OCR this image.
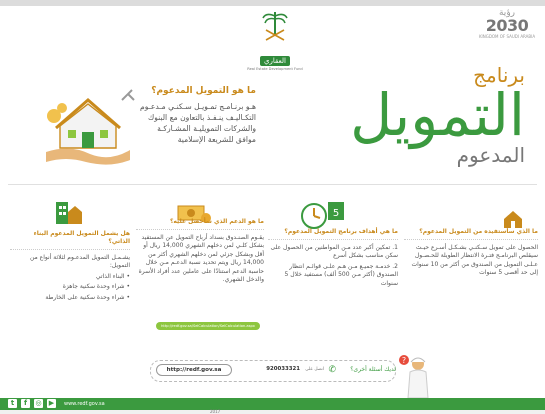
رؤية
2030
KINGDOM OF SAUDI ARABIA
العقاري
Real Estate Development Fund	برنامج
التمويل
المدعوم
ما هو التمويل المدعوم؟
هـو برنـامـج تمـويـل سـكنـي مـدعـوم التكـاليـف ينـفـذ بالتعاون مع البنوك والشركات التمويليـة المشـاركـة موافق للشريعة الإسلامية
5
ما الذي سأستفيده من التمويل المدعوم؟

الحصول على تمويل سـكنـي بشـكـل أسـرع حيـث سيقلص البرنامـج فتـرة الانتظار الطويلة للحـصـول عـلـى التمويل من الصندوق من أكثر من 10 سنوات إلى حد أقصى 5 سنوات

ما هي أهداف برنامج التمويل المدعوم؟

1. تمكين أكبر عدد مـن المواطنين من الحصول على سكن مناسب بشكل أسرع

2. خدمـة جميـع مـن هـم علـى قوائـم انتظار الصندوق (أكثر مـن 500 ألف) مستفيد خلال 5 سنوات

ما هو الدعم الذي سأحصل عليه؟

يقـوم الصنـدوق بسداد أرباح التمويل عن المستفيد بشكل كلـي لمن دخلهم الشهري 14,000 ريال أو أقل وبشكل جزئي لمن دخلهم الشهري أكثر من 14,000 ريال ويتم تحديد نسبة الدعـم مـن خلال حاسبة الدعم استنادًا على عاملين عدد أفراد الأسرة والدخل الشهري.

هل يشمل التمويل المدعوم البناء الذاتي؟

يشـمـل التمويل المدعـوم لثلاثة أنواع من التمويل:

• البناء الذاتي

• شراء وحدة سكنية جاهزة

• شراء وحدة سكنية على الخارطة

http://redf.gov.sa/SelCalculation/SelCalculation.aspx
لديك أسئلة أخرى؟
✆
اتصل على
920033321
http://redf.gov.sa
?
t	f	◎ ▶	www.redf.gov.sa
2017
